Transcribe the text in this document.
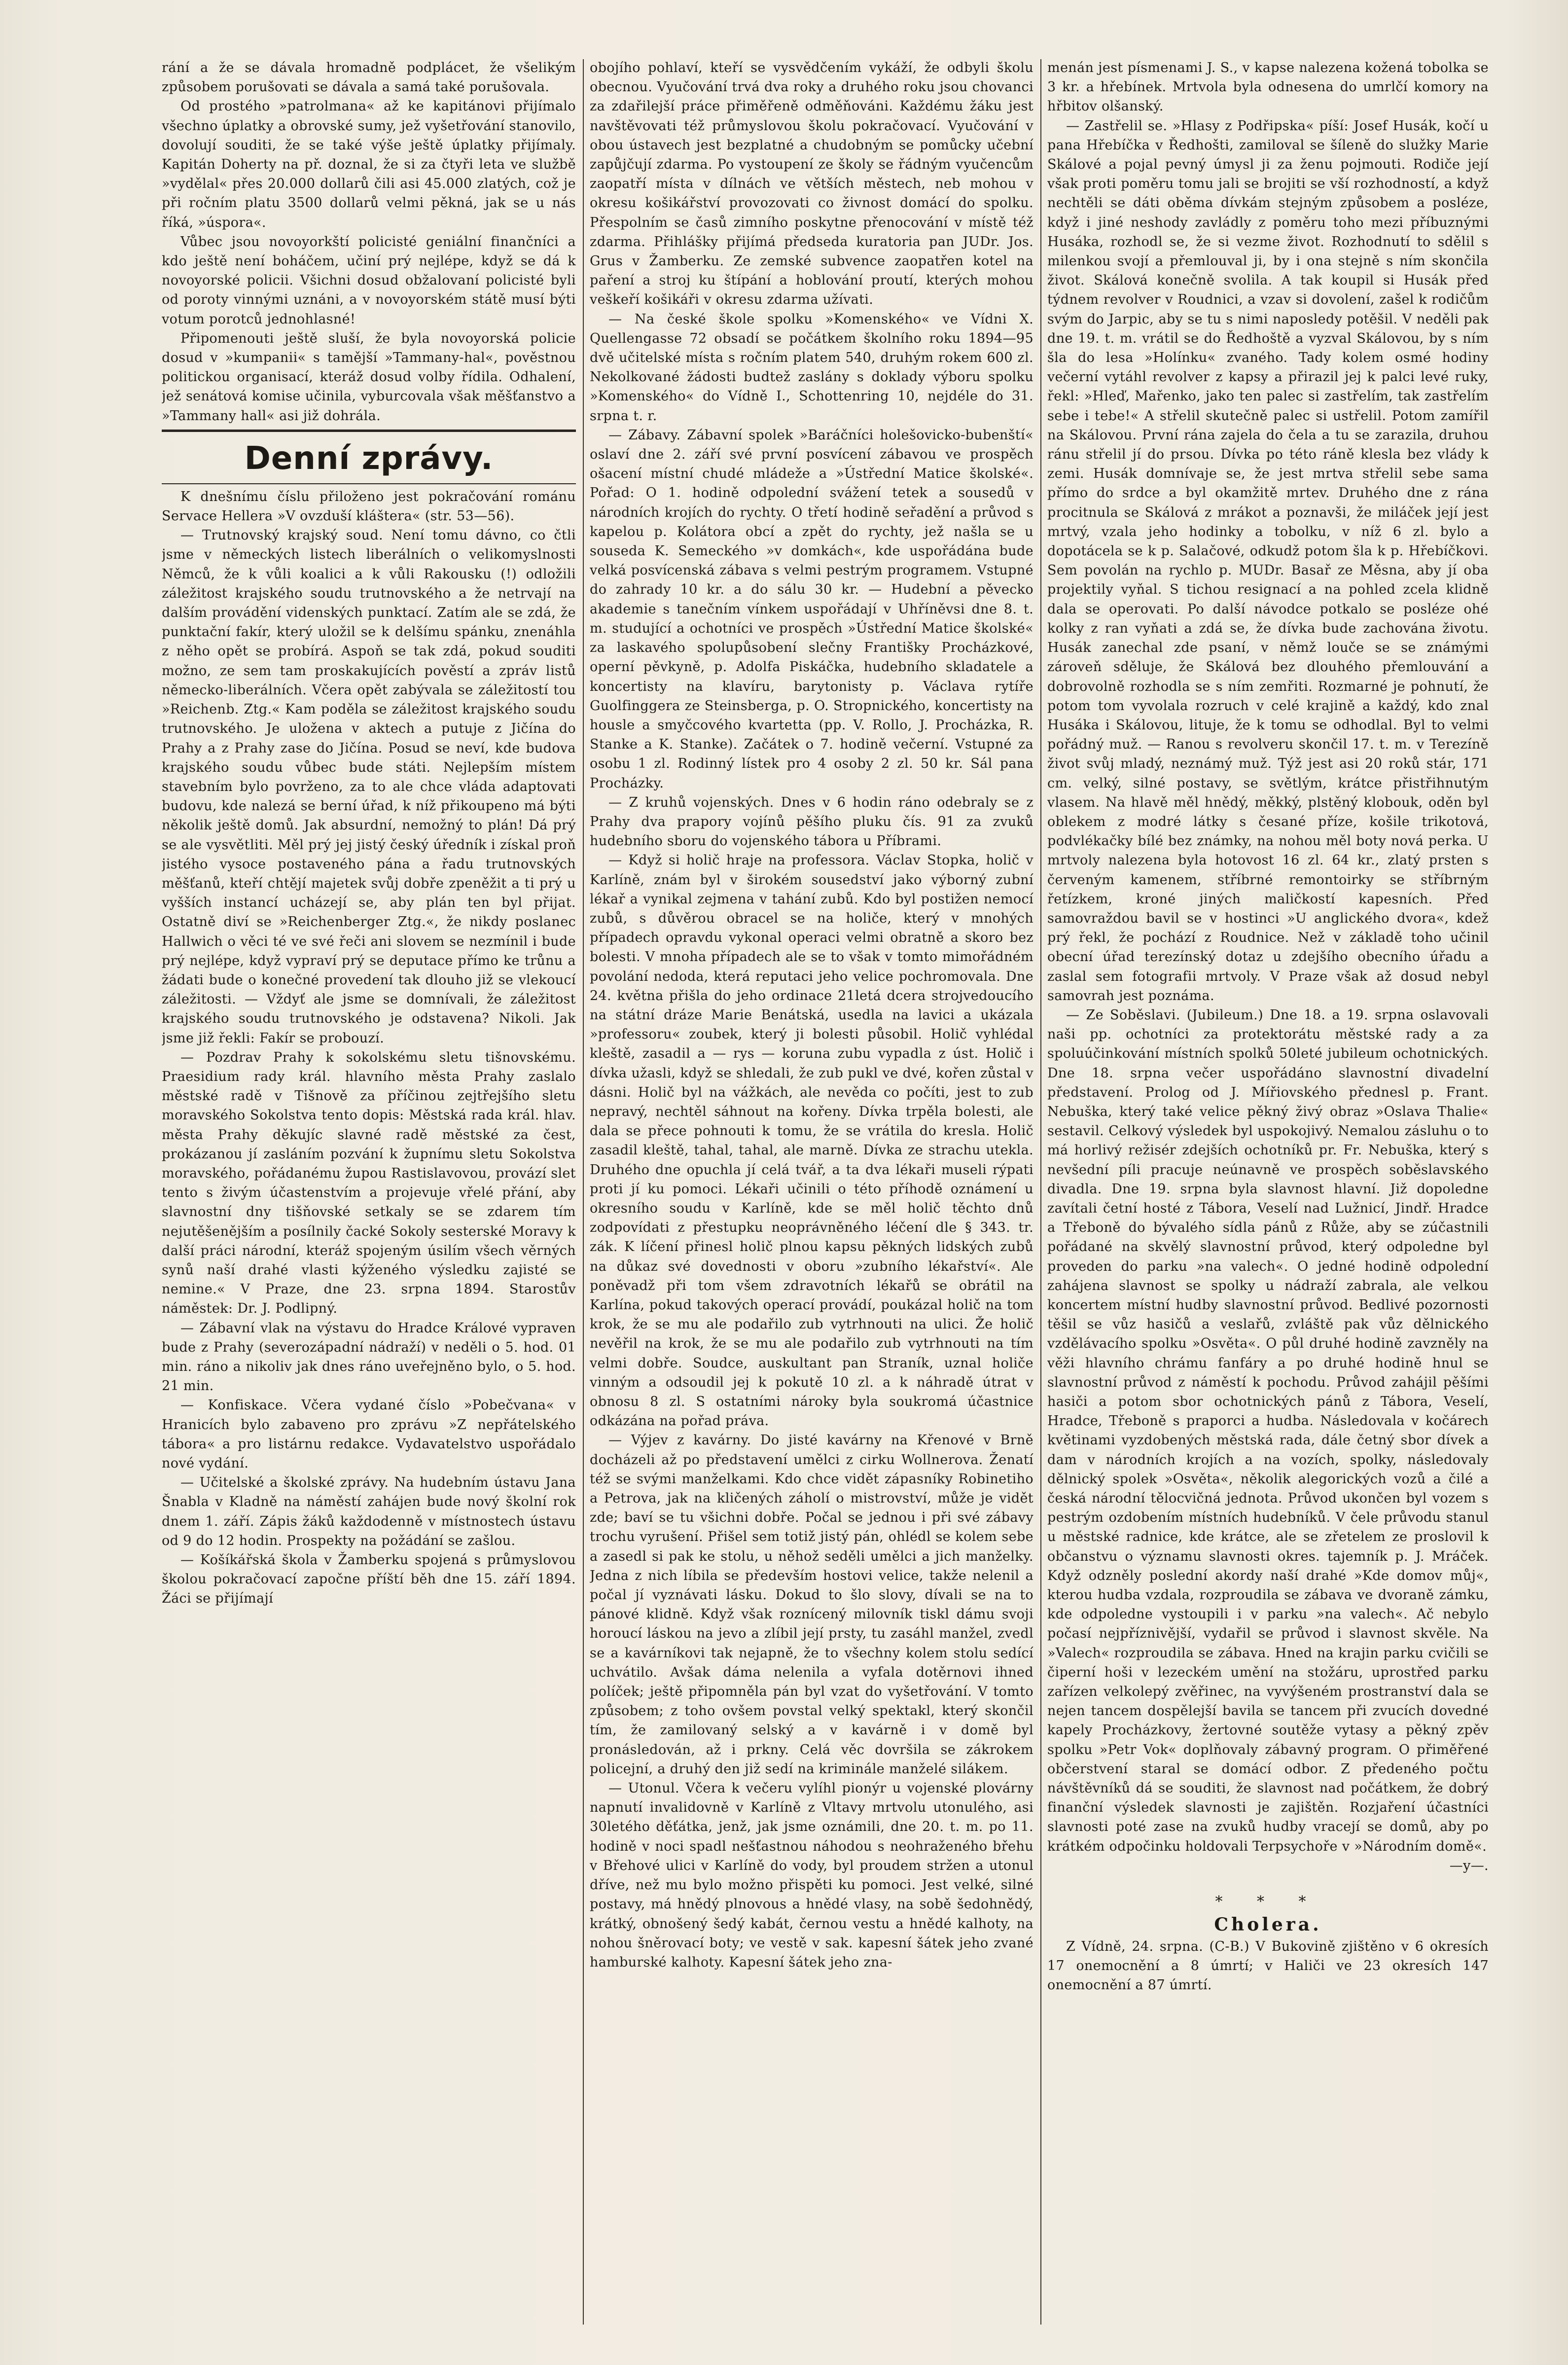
rání a že se dávala hromadně podplácet, že všelikým způsobem porušovati se dávala a samá také porušovala.

Od prostého »patrolmana« až ke kapitánovi přijímalo všechno úplatky a obrovské sumy, jež vyšetřování stanovilo, dovolují souditi, že se také výše ještě úplatky přijímaly. Kapitán Doherty na př. doznal, že si za čtyři leta ve službě »vydělal« přes 20.000 dollarů čili asi 45.000 zlatých, což je při ročním platu 3500 dollarů velmi pěkná, jak se u nás říká, »úspora«.

Vůbec jsou novoyorkští policisté geniální finančníci a kdo ještě není boháčem, učiní prý nejlépe, když se dá k novoyorské policii. Všichni dosud obžalovaní policisté byli od poroty vinnými uznáni, a v novoyorském státě musí býti votum porotců jednohlasné!

Připomenouti ještě sluší, že byla novoyorská policie dosud v »kumpanii« s tamější »Tammany-hal«, pověstnou politickou organisací, kteráž dosud volby řídila. Odhalení, jež senátová komise učinila, vyburcovala však měšťanstvo a »Tammany hall« asi již dohrála.

Denní zprávy.

K dnešnímu číslu přiloženo jest pokračování románu Servace Hellera »V ovzduší kláštera« (str. 53—56).

— Trutnovský krajský soud. Není tomu dávno, co čtli jsme v německých listech liberálních o velikomyslnosti Němců, že k vůli koalici a k vůli Rakousku (!) odložili záležitost krajského soudu trutnovského a že netrvají na dalším provádění videnských punktací. Zatím ale se zdá, že punktační fakír, který uložil se k delšímu spánku, znenáhla z něho opět se probírá. Aspoň se tak zdá, pokud souditi možno, ze sem tam proskakujících pověstí a zpráv listů německo-liberálních. Včera opět zabývala se záležitostí tou »Reichenb. Ztg.« Kam podělа se záležitost krajského soudu trutnovského. Je uložena v aktech a putuje z Jičína do Prahy a z Prahy zase do Jičína. Posud se neví, kde budova krajského soudu vůbec bude státi. Nejlepším místem stavebním bylo povrženo, za to ale chce vláda adaptovati budovu, kde nalezá se berní úřad, k níž přikoupeno má býti několik ještě domů. Jak absurdní, nemožný to plán! Dá prý se ale vysvětliti. Měl prý jej jistý český úředník i získal proň jistého vysoce postaveného pána a řadu trutnovských měšťanů, kteří chtějí majetek svůj dobře zpeněžit a ti prý u vyšších instancí ucházejí se, aby plán ten byl přijat. Ostatně diví se »Reichenberger Ztg.«, že nikdy poslanec Hallwich o věci té ve své řeči ani slovem se nezmínil i bude prý nejlépe, když vypraví prý se deputace přímo ke trůnu a žádati bude o konečné provedení tak dlouho již se vlekoucí záležitosti. — Vždyť ale jsme se domnívali, že záležitost krajského soudu trutnovského je odstavena? Nikoli. Jak jsme již řekli: Fakír se probouzí.

— Pozdrav Prahy k sokolskému sletu tišnovskému. Praesidium rady král. hlavního města Prahy zaslalo městské radě v Tišnově za příčinou zejtřejšího sletu moravského Sokolstva tento dopis: Městská rada král. hlav. města Prahy děkujíc slavné radě městské za čest, prokázanou jí zasláním pozvání k župnímu sletu Sokolstva moravského, pořádanému župou Rastislavovou, provází slet tento s živým účastenstvím a projevuje vřelé přání, aby slavnostní dny tišňovské setkaly se se zdarem tím nejutěšenějším a posílnily čacké Sokoly sesterské Moravy k další práci národní, kteráž spojeným úsilím všech věrných synů naší drahé vlasti kýženého výsledku zajisté se nemine.« V Praze, dne 23. srpna 1894. Starostův náměstek: Dr. J. Podlipný.

— Zábavní vlak na výstavu do Hradce Králové vypraven bude z Prahy (severozápadní nádraží) v neděli o 5. hod. 01 min. ráno a nikoliv jak dnes ráno uveřejněno bylo, o 5. hod. 21 min.

— Konfiskace. Včera vydané číslo »Pobečvana« v Hranicích bylo zabaveno pro zprávu »Z nepřátelského tábora« a pro listárnu redakce. Vydavatelstvo uspořádalo nové vydání.

— Učitelské a školské zprávy. Na hudebním ústavu Jana Šnabla v Kladně na náměstí zahájen bude nový školní rok dnem 1. září. Zápis žáků každodenně v místnostech ústavu od 9 do 12 hodin. Prospekty na požádání se zašlou.

— Košíkářská škola v Žamberku spojená s průmyslovou školou pokračovací započne příští běh dne 15. září 1894. Žáci se přijímají

obojího pohlaví, kteří se vysvědčením vykáží, že odbyli školu obecnou. Vyučování trvá dva roky a druhého roku jsou chovanci za zdařilejší práce přiměřeně odměňováni. Každému žáku jest navštěvovati též průmyslovou školu pokračovací. Vyučování v obou ústavech jest bezplatné a chudobným se pomůcky učební zapůjčují zdarma. Po vystoupení ze školy se řádným vyučencům zaopatří místa v dílnách ve větších městech, neb mohou v okresu košikářství provozovati co živnost domácí do spolku. Přespolním se časů zimního poskytne přenocování v místě též zdarma. Přihlášky přijímá předseda kuratoria pan JUDr. Jos. Grus v Žamberku. Ze zemské subvence zaopatřen kotel na paření a stroj ku štípání a hoblování proutí, kterých mohou veškeří košikáři v okresu zdarma užívati.

— Na české škole spolku »Komenského« ve Vídni X. Quellengasse 72 obsadí se počátkem školního roku 1894—95 dvě učitelské místa s ročním platem 540, druhým rokem 600 zl. Nekolkované žádosti budtež zaslány s doklady výboru spolku »Komenského« do Vídně I., Schottenring 10, nejdéle do 31. srpna t. r.

— Zábavy. Zábavní spolek »Baráčníci holešovicko-bubenští« oslaví dne 2. září své první posvícení zábavou ve prospěch ošacení místní chudé mládeže a »Ústřední Matice školské«. Pořad: O 1. hodině odpolední svážení tetek a sousedů v národních krojích do rychty. O třetí hodině seřadění a průvod s kapelou p. Kolátora obcí a zpět do rychty, jež našla se u souseda K. Semeckého »v domkách«, kde uspořádána bude velká posvícenská zábava s velmi pestrým programem. Vstupné do zahrady 10 kr. a do sálu 30 kr. — Hudební a pěvecko akademie s tanečním vínkem uspořádají v Uhříněvsi dne 8. t. m. studující a ochotníci ve prospěch »Ústřední Matice školské« za laskavého spolupůsobení slečny Františky Procházkové, operní pěvkyně, p. Adolfa Piskáčka, hudebního skladatele a koncertisty na klavíru, barytonisty p. Václava rytíře Guolfinggera ze Steinsberga, p. O. Stropnického, koncertisty na housle a smyčcového kvartetta (pp. V. Rollo, J. Procházka, R. Stanke a K. Stanke). Začátek o 7. hodině večerní. Vstupné za osobu 1 zl. Rodinný lístek pro 4 osoby 2 zl. 50 kr. Sál pana Procházky.

— Z kruhů vojenských. Dnes v 6 hodin ráno odebraly se z Prahy dva prapory vojínů pěšího pluku čís. 91 za zvuků hudebního sboru do vojenského tábora u Příbrami.

— Když si holič hraje na professora. Václav Stopka, holič v Karlíně, znám byl v širokém sousedství jako výborný zubní lékař a vynikal zejmena v tahání zubů. Kdo byl postižen nemocí zubů, s důvěrou obracel se na holiče, který v mnohých případech opravdu vykonal operaci velmi obratně a skoro bez bolesti. V mnoha případech ale se to však v tomto mimořádném povolání nedoda, která reputaci jeho velice pochromovala. Dne 24. května přišla do jeho ordinace 21letá dcera strojvedoucího na státní dráze Marie Benátská, usedla na lavici a ukázala »professoru« zoubek, který ji bolesti působil. Holič vyhlédal kleště, zasadil a — rys — koruna zubu vypadla z úst. Holič i dívka užasli, když se shledali, že zub pukl ve dvé, kořen zůstal v dásni. Holič byl na vážkách, ale nevěda co počíti, jest to zub nepravý, nechtěl sáhnout na kořeny. Dívka trpěla bolesti, ale dala se přece pohnouti k tomu, že se vrátila do kresla. Holič zasadil kleště, tahal, tahal, ale marně. Dívka ze strachu utekla. Druhého dne opuchla jí celá tvář, a ta dva lékaři museli rýpati proti jí ku pomoci. Lékaři učinili o této příhodě oznámení u okresního soudu v Karlíně, kde se měl holič těchto dnů zodpovídati z přestupku neoprávněného léčení dle § 343. tr. zák. K líčení přinesl holič plnou kapsu pěkných lidských zubů na důkaz své dovednosti v oboru »zubního lékařství«. Ale poněvadž při tom všem zdravotních lékařů se obrátil na Karlína, pokud takových operací provádí, poukázal holič na tom krok, že se mu ale podařilo zub vytrhnouti na ulici. Že holič nevěřil na krok, že se mu ale podařilo zub vytrhnouti na tím velmi dobře. Soudce, auskultant pan Straník, uznal holiče vinným a odsoudil jej k pokutě 10 zl. a k náhradě útrat v obnosu 8 zl. S ostatními nároky byla soukromá účastnice odkázána na pořad práva.

— Výjev z kavárny. Do jisté kavárny na Křenové v Brně docházeli až po představení umělci z cirku Wollnerova. Ženatí též se svými manželkami. Kdo chce vidět zápasníky Robinetiho a Petrova, jak na kličených záholí o mistrovství, může je vidět zde; baví se tu všichni dobře. Počal se jednou i při své zábavy trochu vyrušení. Přišel sem totiž jistý pán, ohlédl se kolem sebe a zasedl si pak ke stolu, u něhož seděli umělci a jich manželky. Jedna z nich líbila se především hostovi velice, takže nelenil a počal jí vyznávati lásku. Dokud to šlo slovy, dívali se na to pánové klidně. Když však roznícený milovník tiskl dámu svoji horoucí láskou na jevo a zlíbil její prsty, tu zasáhl manžel, zvedl se a kavárníkovi tak nejapně, že to všechny kolem stolu sedící uchvátilo. Avšak dáma nelenila a vyfala dotěrnovi ihned políček; ještě připomněla pán byl vzat do vyšetřování. V tomto způsobem; z toho ovšem povstal velký spektakl, který skončil tím, že zamilovaný selský a v kavárně i v domě byl pronásledován, až i prkny. Celá věc dovršila se zákrokem policejní, a druhý den již sedí na kriminále manželé silákem.

— Utonul. Včera k večeru vylíhl pionýr u vojenské plovárny napnutí invalidovně v Karlíně z Vltavy mrtvolu utonulého, asi 30letého děťátka, jenž, jak jsme oznámili, dne 20. t. m. po 11. hodině v noci spadl nešťastnou náhodou s neohraženého břehu v Břehové ulici v Karlíně do vody, byl proudem stržen a utonul dříve, než mu bylo možno přispěti ku pomoci. Jest velké, silné postavy, má hnědý plnovous a hnědé vlasy, na sobě šedohnědý, krátký, obnošený šedý kabát, černou vestu a hnědé kalhoty, na nohou šněrovací boty; ve vestě v sak. kapesní šátek jeho zvané hamburské kalhoty. Kapesní šátek jeho zna-

menán jest písmenami J. S., v kapse nalezena kožená tobolka se 3 kr. a hřebínek. Mrtvola byla odnesena do umrlčí komory na hřbitov olšanský.

— Zastřelil se. »Hlasy z Podřipska« píší: Josef Husák, kočí u pana Hřebíčka v Ředhošti, zamiloval se šíleně do služky Marie Skálové a pojal pevný úmysl ji za ženu pojmouti. Rodiče její však proti poměru tomu jali se brojiti se vší rozhodností, a když nechtěli se dáti oběma dívkám stejným způsobem a posléze, když i jiné neshody zavládly z poměru toho mezi příbuznými Husáka, rozhodl se, že si vezme život. Rozhodnutí to sdělil s milenkou svojí a přemlouval ji, by i ona stejně s ním skončila život. Skálová konečně svolila. A tak koupil si Husák před týdnem revolver v Roudnici, a vzav si dovolení, zašel k rodičům svým do Jarpic, aby se tu s nimi naposledy potěšil. V neděli pak dne 19. t. m. vrátil se do Ředhoště a vyzval Skálovou, by s ním šla do lesa »Holínku« zvaného. Tady kolem osmé hodiny večerní vytáhl revolver z kapsy a přirazil jej k palci levé ruky, řekl: »Hleď, Mařenko, jako ten palec si zastřelím, tak zastřelím sebe i tebe!« A střelil skutečně palec si ustřelil. Potom zamířil na Skálovou. První rána zajela do čela a tu se zarazila, druhou ránu střelil jí do prsou. Dívka po této ráně klesla bez vlády k zemi. Husák domnívaje se, že jest mrtva střelil sebe sama přímo do srdce a byl okamžitě mrtev. Druhého dne z rána procitnula se Skálová z mrákot a poznavši, že miláček její jest mrtvý, vzala jeho hodinky a tobolku, v níž 6 zl. bylo a dopotácela se k p. Salačové, odkudž potom šla k p. Hřebíčkovi. Sem povolán na rychlo p. MUDr. Basař ze Měsna, aby jí oba projektily vyňal. S tichou resignací a na pohled zcela klidně dala se operovati. Po další návodce potkalo se posléze ohé kolky z ran vyňati a zdá se, že dívka bude zachována životu. Husák zanechal zde psaní, v němž louče se se známými zároveň sděluje, že Skálová bez dlouhého přemlouvání a dobrovolně rozhodla se s ním zemřiti. Rozmarné je pohnutí, že potom tom vyvolala rozruch v celé krajině a každý, kdo znal Husáka i Skálovou, lituje, že k tomu se odhodlal. Byl to velmi pořádný muž. — Ranou s revolveru skončil 17. t. m. v Terezíně život svůj mladý, neznámý muž. Týž jest asi 20 roků stár, 171 cm. velký, silné postavy, se světlým, krátce přistřihnutým vlasem. Na hlavě měl hnědý, měkký, plstěný klobouk, oděn byl oblekem z modré látky s česané příze, košile trikotová, podvlékačky bílé bez známky, na nohou měl boty nová perka. U mrtvoly nalezena byla hotovost 16 zl. 64 kr., zlatý prsten s červeným kamenem, stříbrné remontoirky se stříbrným řetízkem, kroné jiných maličkostí kapesních. Před samovraždou bavil se v hostinci »U anglického dvora«, kdež prý řekl, že pochází z Roudnice. Než v základě toho učinil obecní úřad terezínský dotaz u zdejšího obecního úřadu a zaslal sem fotografii mrtvoly. V Praze však až dosud nebyl samovrah jest poznáma.

— Ze Soběslavi. (Jubileum.) Dne 18. a 19. srpna oslavovali naši pp. ochotníci za protektorátu městské rady a za spoluúčinkování místních spolků 50leté jubileum ochotnických. Dne 18. srpna večer uspořádáno slavnostní divadelní představení. Prolog od J. Mířiovského přednesl p. Frant. Nebuška, který také velice pěkný živý obraz »Oslava Thalie« sestavil. Celkový výsledek byl uspokojivý. Nemalou zásluhu o to má horlivý režisér zdejších ochotníků pr. Fr. Nebuška, který s nevšední píli pracuje neúnavně ve prospěch soběslavského divadla. Dne 19. srpna byla slavnost hlavní. Již dopoledne zavítali četní hosté z Tábora, Veselí nad Lužnicí, Jindř. Hradce a Třeboně do bývalého sídla pánů z Růže, aby se zúčastnili pořádané na skvělý slavnostní průvod, který odpoledne byl proveden do parku »na valech«. O jedné hodině odpolední zahájena slavnost se spolky u nádraží zabrala, ale velkou koncertem místní hudby slavnostní průvod. Bedlivé pozornosti těšil se vůz hasičů a veslařů, zvláště pak vůz dělnického vzdělávacího spolku »Osvěta«. O půl druhé hodině zavzněly na věži hlavního chrámu fanfáry a po druhé hodině hnul se slavnostní průvod z náměstí k pochodu. Průvod zahájil pěšími hasiči a potom sbor ochotnických pánů z Tábora, Veselí, Hradce, Třeboně s praporci a hudba. Následovala v kočárech květinami vyzdobených městská rada, dále četný sbor dívek a dam v národních krojích a na vozích, spolky, následovaly dělnický spolek »Osvěta«, několik alegorických vozů a čilé a česká národní tělocvičná jednota. Průvod ukončen byl vozem s pestrým ozdobením místních hudebníků. V čele průvodu stanul u městské radnice, kde krátce, ale se zřetelem ze proslovil k občanstvu o významu slavnosti okres. tajemník p. J. Mráček. Když odzněly poslední akordy naší drahé »Kde domov můj«, kterou hudba vzdala, rozproudila se zábava ve dvoraně zámku, kde odpoledne vystoupili i v parku »na valech«. Ač nebylo počasí nejpříznivější, vydařil se průvod i slavnost skvěle. Na »Valech« rozproudila se zábava. Hned na krajin parku cvičili se čiperní hoši v lezeckém umění na stožáru, uprostřed parku zařízen velkolepý zvěřinec, na vyvýšeném prostranství dala se nejen tancem dospělejší bavila se tancem při zvucích dovedné kapely Procházkovy, žertovné soutěže vytasy a pěkný zpěv spolku »Petr Vok« doplňovaly zábavný program. O přiměřené občerstvení staral se domácí odbor. Z předeného počtu návštěvníků dá se souditi, že slavnost nad počátkem, že dobrý finanční výsledek slavnosti je zajištěn. Rozjaření účastníci slavnosti poté zase na zvuků hudby vracejí se domů, aby po krátkém odpočinku holdovali Terpsychoře v »Národním domě«.

—y—.

* * *
Cholera.

Z Vídně, 24. srpna. (C-B.) V Bukovině zjištěno v 6 okresích 17 onemocnění a 8 úmrtí; v Haliči ve 23 okresích 147 onemocnění a 87 úmrtí.
